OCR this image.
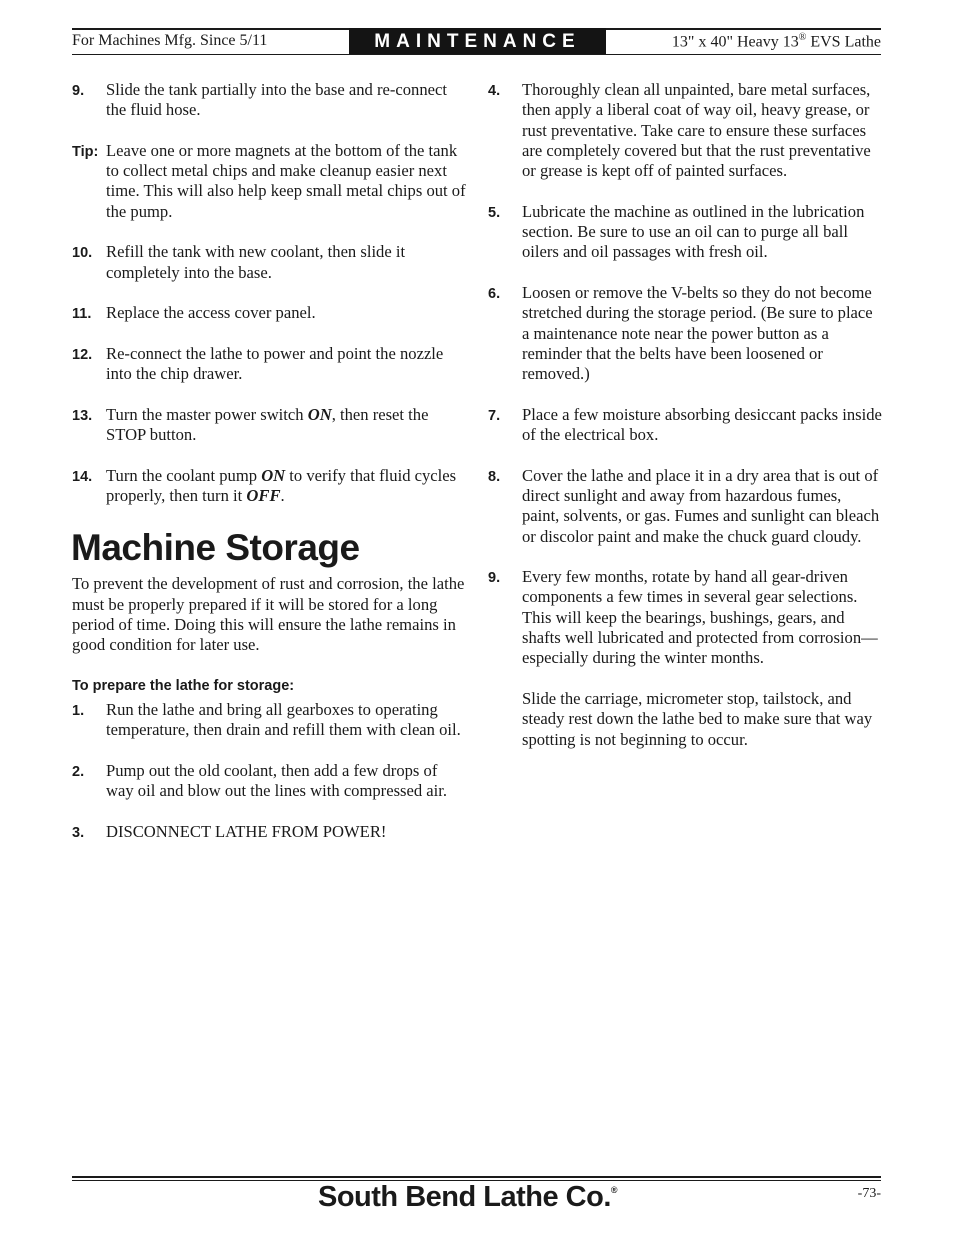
For Machines Mfg. Since 5/11	MAINTENANCE	13" x 40" Heavy 13® EVS Lathe
9. Slide the tank partially into the base and re-connect the fluid hose.
Tip: Leave one or more magnets at the bottom of the tank to collect metal chips and make cleanup easier next time. This will also help keep small metal chips out of the pump.
10. Refill the tank with new coolant, then slide it completely into the base.
11. Replace the access cover panel.
12. Re-connect the lathe to power and point the nozzle into the chip drawer.
13. Turn the master power switch ON, then reset the STOP button.
14. Turn the coolant pump ON to verify that fluid cycles properly, then turn it OFF.
Machine Storage

To prevent the development of rust and corrosion, the lathe must be properly prepared if it will be stored for a long period of time. Doing this will ensure the lathe remains in good condition for later use.

To prepare the lathe for storage:
1. Run the lathe and bring all gearboxes to operating temperature, then drain and refill them with clean oil.
2. Pump out the old coolant, then add a few drops of way oil and blow out the lines with compressed air.
3. DISCONNECT LATHE FROM POWER!
4. Thoroughly clean all unpainted, bare metal surfaces, then apply a liberal coat of way oil, heavy grease, or rust preventative. Take care to ensure these surfaces are completely covered but that the rust preventative or grease is kept off of painted surfaces.
5. Lubricate the machine as outlined in the lubrication section. Be sure to use an oil can to purge all ball oilers and oil passages with fresh oil.
6. Loosen or remove the V-belts so they do not become stretched during the storage period. (Be sure to place a maintenance note near the power button as a reminder that the belts have been loosened or removed.)
7. Place a few moisture absorbing desiccant packs inside of the electrical box.
8. Cover the lathe and place it in a dry area that is out of direct sunlight and away from hazardous fumes, paint, solvents, or gas. Fumes and sunlight can bleach or discolor paint and make the chuck guard cloudy.
9. Every few months, rotate by hand all gear-driven components a few times in several gear selections. This will keep the bearings, bushings, gears, and shafts well lubricated and protected from corrosion—especially during the winter months.
Slide the carriage, micrometer stop, tailstock, and steady rest down the lathe bed to make sure that way spotting is not beginning to occur.
South Bend Lathe Co.®	-73-
